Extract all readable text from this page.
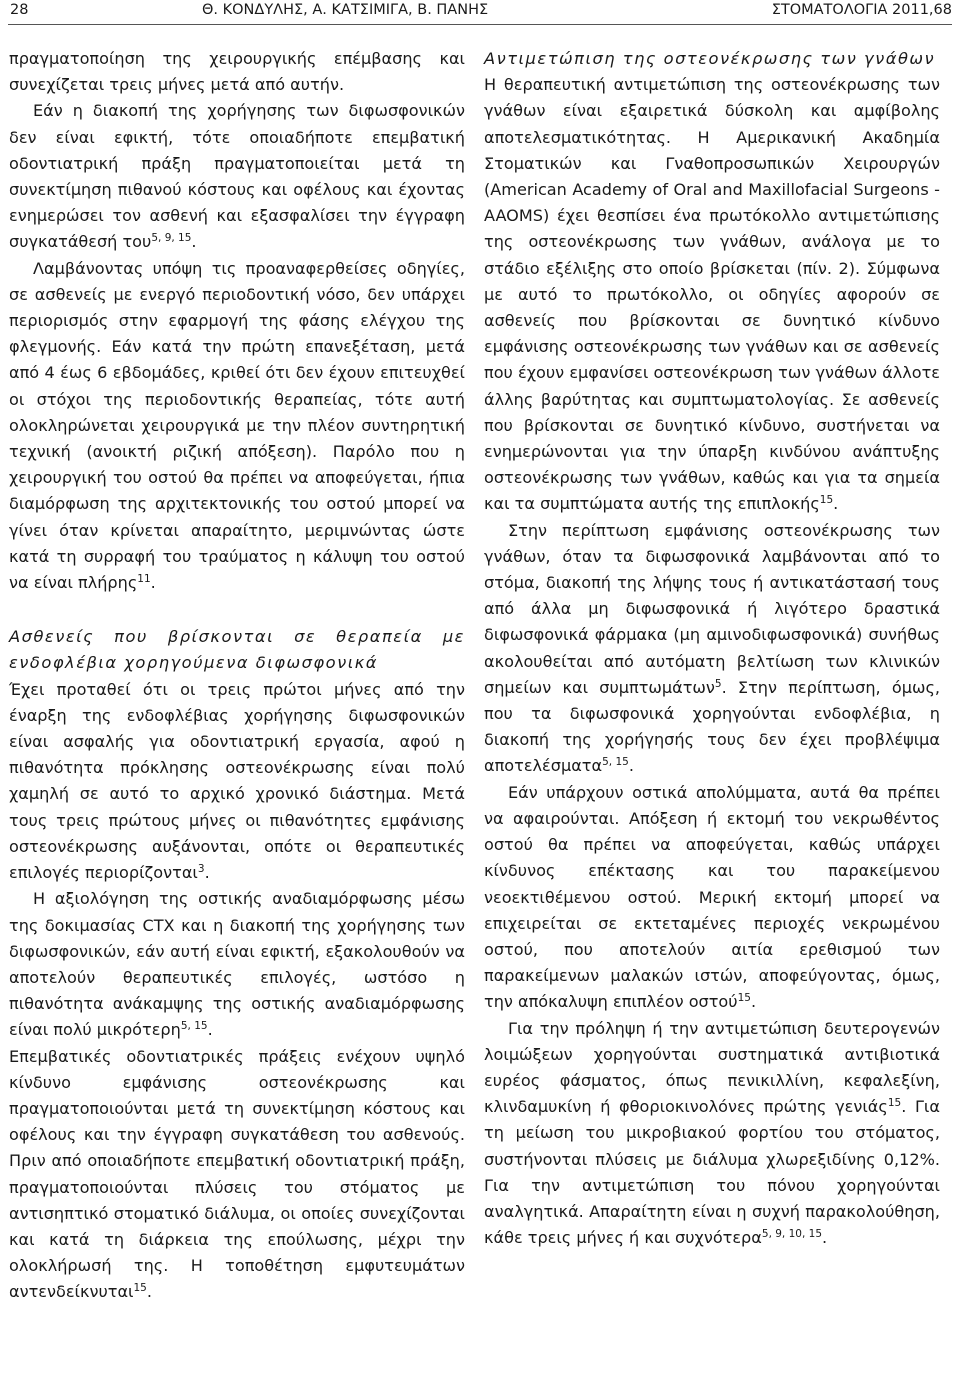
28	Θ. ΚΟΝΔΥΛΗΣ, Α. ΚΑΤΣΙΜΙΓΑ, Β. ΠΑΝΗΣ	ΣΤΟΜΑΤΟΛΟΓΙΑ 2011,68

πραγματοποίηση της χειρουργικής επέμβασης και συνεχίζεται τρεις μήνες μετά από αυτήν.

Εάν η διακοπή της χορήγησης των διφωσφονικών δεν είναι εφικτή, τότε οποιαδήποτε επεμβατική οδοντιατρική πράξη πραγματοποιείται μετά τη συνεκτίμηση πιθανού κόστους και οφέλους και έχοντας ενημερώσει τον ασθενή και εξασφαλίσει την έγγραφη συγκατάθεσή του$^{5, 9, 15}$.

Λαμβάνοντας υπόψη τις προαναφερθείσες οδηγίες, σε ασθενείς με ενεργό περιοδοντική νόσο, δεν υπάρχει περιορισμός στην εφαρμογή της φάσης ελέγχου της φλεγμονής. Εάν κατά την πρώτη επανεξέταση, μετά από 4 έως 6 εβδομάδες, κριθεί ότι δεν έχουν επιτευχθεί οι στόχοι της περιοδοντικής θεραπείας, τότε αυτή ολοκληρώνεται χειρουργικά με την πλέον συντηρητική τεχνική (ανοικτή ριζική απόξεση). Παρόλο που η χειρουργική του οστού θα πρέπει να αποφεύγεται, ήπια διαμόρφωση της αρχιτεκτονικής του οστού μπορεί να γίνει όταν κρίνεται απαραίτητο, μεριμνώντας ώστε κατά τη συρραφή του τραύματος η κάλυψη του οστού να είναι πλήρης$^{11}$.

Ασθενείς που βρίσκονται σε θεραπεία με ενδοφλέβια χορηγούμενα διφωσφονικά

Έχει προταθεί ότι οι τρεις πρώτοι μήνες από την έναρξη της ενδοφλέβιας χορήγησης διφωσφονικών είναι ασφαλής για οδοντιατρική εργασία, αφού η πιθανότητα πρόκλησης οστεονέκρωσης είναι πολύ χαμηλή σε αυτό το αρχικό χρονικό διάστημα. Μετά τους τρεις πρώτους μήνες οι πιθανότητες εμφάνισης οστεονέκρωσης αυξάνονται, οπότε οι θεραπευτικές επιλογές περιορίζονται$^3$.

Η αξιολόγηση της οστικής αναδιαμόρφωσης μέσω της δοκιμασίας CTX και η διακοπή της χορήγησης των διφωσφονικών, εάν αυτή είναι εφικτή, εξακολουθούν να αποτελούν θεραπευτικές επιλογές, ωστόσο η πιθανότητα ανάκαμψης της οστικής αναδιαμόρφωσης είναι πολύ μικρότερη$^{5, 15}$.

Επεμβατικές οδοντιατρικές πράξεις ενέχουν υψηλό κίνδυνο εμφάνισης οστεονέκρωσης και πραγματοποιούνται μετά τη συνεκτίμηση κόστους και οφέλους και την έγγραφη συγκατάθεση του ασθενούς. Πριν από οποιαδήποτε επεμβατική οδοντιατρική πράξη, πραγματοποιούνται πλύσεις του στόματος με αντισηπτικό στοματικό διάλυμα, οι οποίες συνεχίζονται και κατά τη διάρκεια της επούλωσης, μέχρι την ολοκλήρωσή της. Η τοποθέτηση εμφυτευμάτων αντενδείκνυται$^{15}$.

Αντιμετώπιση της οστεονέκρωσης των γνάθων

Η θεραπευτική αντιμετώπιση της οστεονέκρωσης των γνάθων είναι εξαιρετικά δύσκολη και αμφίβολης αποτελεσματικότητας. Η Αμερικανική Ακαδημία Στοματικών και Γναθοπροσωπικών Χειρουργών (American Academy of Oral and Maxillofacial Surgeons - AAOMS) έχει θεσπίσει ένα πρωτόκολλο αντιμετώπισης της οστεονέκρωσης των γνάθων, ανάλογα με το στάδιο εξέλιξης στο οποίο βρίσκεται (πίν. 2). Σύμφωνα με αυτό το πρωτόκολλο, οι οδηγίες αφορούν σε ασθενείς που βρίσκονται σε δυνητικό κίνδυνο εμφάνισης οστεονέκρωσης των γνάθων και σε ασθενείς που έχουν εμφανίσει οστεονέκρωση των γνάθων άλλοτε άλλης βαρύτητας και συμπτωματολογίας. Σε ασθενείς που βρίσκονται σε δυνητικό κίνδυνο, συστήνεται να ενημερώνονται για την ύπαρξη κινδύνου ανάπτυξης οστεονέκρωσης των γνάθων, καθώς και για τα σημεία και τα συμπτώματα αυτής της επιπλοκής$^{15}$.

Στην περίπτωση εμφάνισης οστεονέκρωσης των γνάθων, όταν τα διφωσφονικά λαμβάνονται από το στόμα, διακοπή της λήψης τους ή αντικατάστασή τους από άλλα μη διφωσφονικά ή λιγότερο δραστικά διφωσφονικά φάρμακα (μη αμινοδιφωσφονικά) συνήθως ακολουθείται από αυτόματη βελτίωση των κλινικών σημείων και συμπτωμάτων$^5$. Στην περίπτωση, όμως, που τα διφωσφονικά χορηγούνται ενδοφλέβια, η διακοπή της χορήγησής τους δεν έχει προβλέψιμα αποτελέσματα$^{5, 15}$.

Εάν υπάρχουν οστικά απολύμματα, αυτά θα πρέπει να αφαιρούνται. Απόξεση ή εκτομή του νεκρωθέντος οστού θα πρέπει να αποφεύγεται, καθώς υπάρχει κίνδυνος επέκτασης και του παρακείμενου νεοεκτιθέμενου οστού. Μερική εκτομή μπορεί να επιχειρείται σε εκτεταμένες περιοχές νεκρωμένου οστού, που αποτελούν αιτία ερεθισμού των παρακείμενων μαλακών ιστών, αποφεύγοντας, όμως, την απόκαλυψη επιπλέον οστού$^{15}$.

Για την πρόληψη ή την αντιμετώπιση δευτερογενών λοιμώξεων χορηγούνται συστηματικά αντιβιοτικά ευρέος φάσματος, όπως πενικιλλίνη, κεφαλεξίνη, κλινδαμυκίνη ή φθοριοκινολόνες πρώτης γενιάς$^{15}$. Για τη μείωση του μικροβιακού φορτίου του στόματος, συστήνονται πλύσεις με διάλυμα χλωρεξιδίνης 0,12%. Για την αντιμετώπιση του πόνου χορηγούνται αναλγητικά. Απαραίτητη είναι η συχνή παρακολούθηση, κάθε τρεις μήνες ή και συχνότερα$^{5, 9, 10, 15}$.
